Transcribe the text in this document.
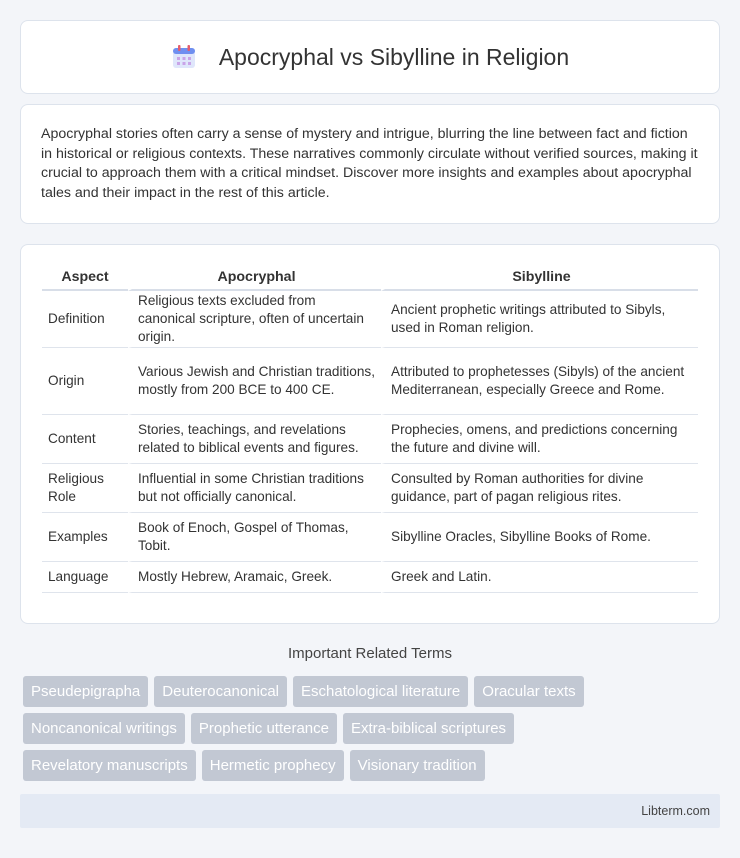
Apocryphal vs Sibylline in Religion

Apocryphal stories often carry a sense of mystery and intrigue, blurring the line between fact and fiction in historical or religious contexts. These narratives commonly circulate without verified sources, making it crucial to approach them with a critical mindset. Discover more insights and examples about apocryphal tales and their impact in the rest of this article.

Aspect	Apocryphal	Sibylline
Definition	Religious texts excluded from canonical scripture, often of uncertain origin.	Ancient prophetic writings attributed to Sibyls, used in Roman religion.
Origin	Various Jewish and Christian traditions, mostly from 200 BCE to 400 CE.	Attributed to prophetesses (Sibyls) of the ancient Mediterranean, especially Greece and Rome.
Content	Stories, teachings, and revelations related to biblical events and figures.	Prophecies, omens, and predictions concerning the future and divine will.
Religious Role	Influential in some Christian traditions but not officially canonical.	Consulted by Roman authorities for divine guidance, part of pagan religious rites.
Examples	Book of Enoch, Gospel of Thomas, Tobit.	Sibylline Oracles, Sibylline Books of Rome.
Language	Mostly Hebrew, Aramaic, Greek.	Greek and Latin.
Important Related Terms
Pseudepigrapha	Deuterocanonical	Eschatological literature	Oracular texts
Noncanonical writings	Prophetic utterance	Extra-biblical scriptures
Revelatory manuscripts	Hermetic prophecy	Visionary tradition
Libterm.com
